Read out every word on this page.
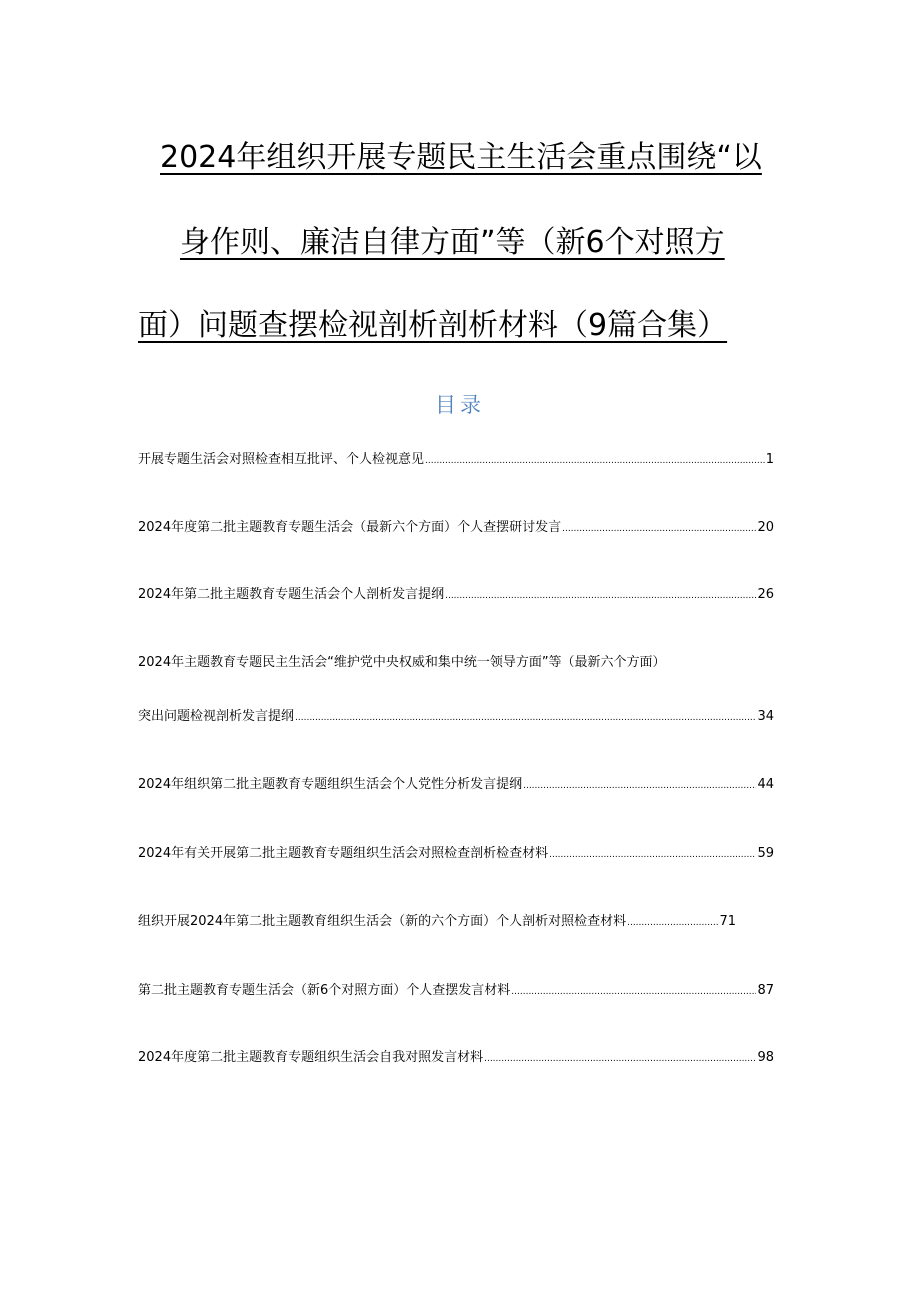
2024年组织开展专题民主生活会重点围绕“以
身作则、廉洁自律方面”等（新6个对照方
面）问题查摆检视剖析剖析材料（9篇合集）
目录
开展专题生活会对照检查相互批评、个人检视意见 .....	1
2024年度第二批主题教育专题生活会（最新六个方面）个人查摆研讨发言 .....	20
2024年第二批主题教育专题生活会个人剖析发言提纲 .....	26
2024年主题教育专题民主生活会“维护党中央权威和集中统一领导方面”等（最新六个方面）
突出问题检视剖析发言提纲 .....	34
2024年组织第二批主题教育专题组织生活会个人党性分析发言提纲 .....	44
2024年有关开展第二批主题教育专题组织生活会对照检查剖析检查材料 .....	59
组织开展2024年第二批主题教育组织生活会（新的六个方面）个人剖析对照检查材料 .....	71
第二批主题教育专题生活会（新6个对照方面）个人查摆发言材料 .....	87
2024年度第二批主题教育专题组织生活会自我对照发言材料 .....	98
